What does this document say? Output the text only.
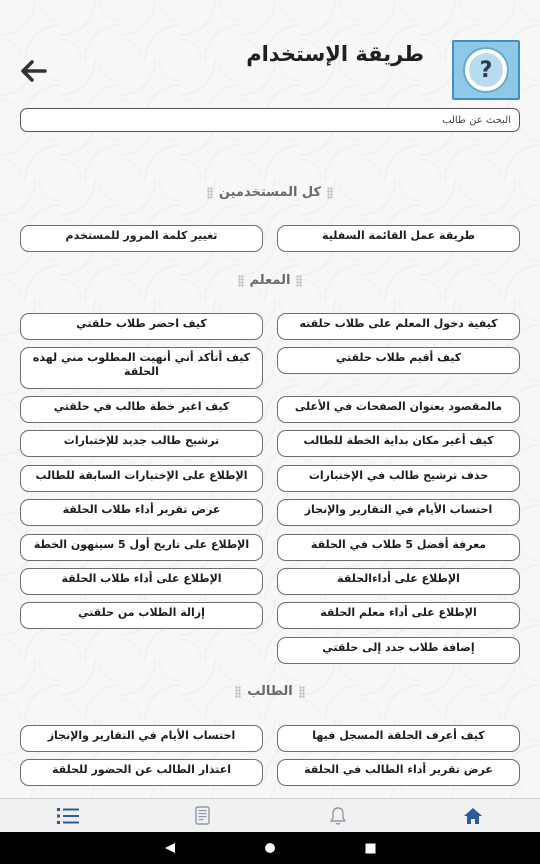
?
طريقة الإستخدام
البحث عن طالب
كل المستخدمين
طريقة عمل القائمة السفلية
تغيير كلمة المرور للمستخدم
المعلم
كيفية دخول المعلم على طلاب حلقته
كيف احضر طلاب حلقتي
كيف أقيم طلاب حلقتي
كيف أتأكد أني أنهيت المطلوب مني لهذه الحلقة
مالمقصود بعنوان الصفحات في الأعلى
كيف اغير خطة طالب في حلقتي
كيف أغير مكان بداية الخطة للطالب
ترشيح طالب جديد للإختبارات
حذف ترشيح طالب في الإختبارات
الإطلاع على الإختبارات السابقة للطالب
احتساب الأيام في التقارير والإنجاز
عرض تقرير أداء طلاب الحلقة
معرفة أفضل 5 طلاب في الحلقة
الإطلاع على تاريخ أول 5 سينهون الخطة
الإطلاع على أداءالحلقة
الإطلاع على أداء طلاب الحلقة
الإطلاع على أداء معلم الحلقة
إزالة الطلاب من حلقتي
إضافة طلاب جدد إلى حلقتي
الطالب
كيف أعرف الحلقة المسجل فيها
احتساب الأيام في التقارير والإنجاز
عرض تقرير أداء الطالب في الحلقة
اعتذار الطالب عن الحضور للحلقة
